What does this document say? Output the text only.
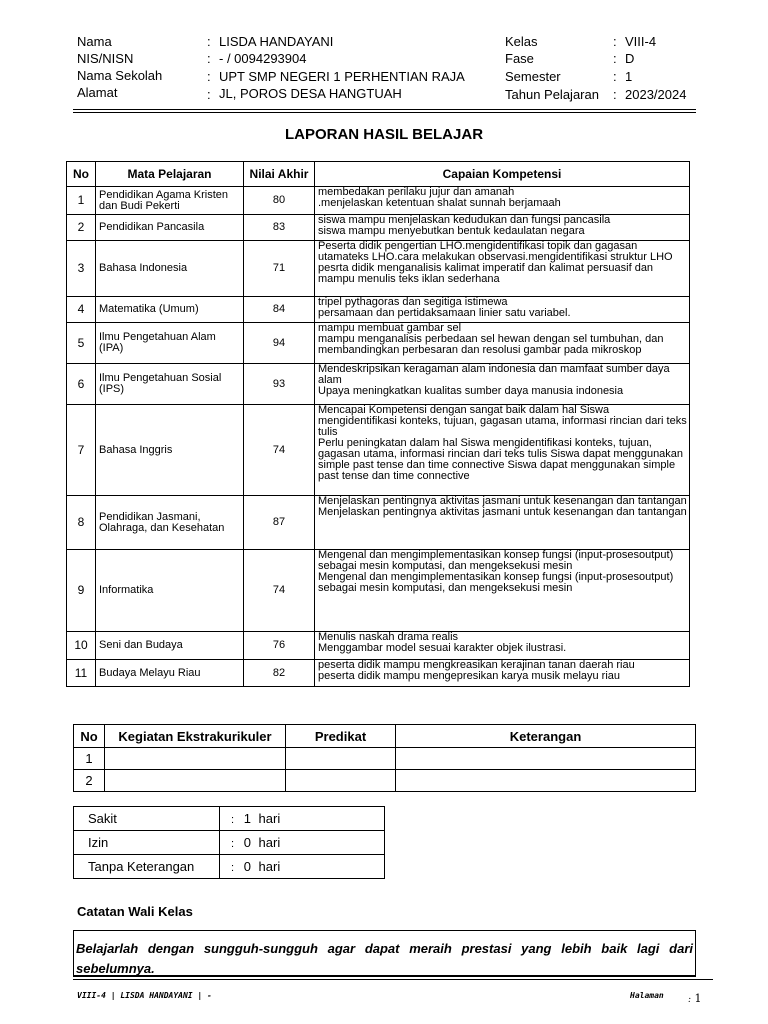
Nama	: LISDA HANDAYANI
NIS/NISN	: - / 0094293904
Nama Sekolah	: UPT SMP NEGERI 1 PERHENTIAN RAJA
Alamat	: JL, POROS DESA HANGTUAH
Kelas	: VIII-4
Fase	: D
Semester	: 1
Tahun Pelajaran : 2023/2024
LAPORAN HASIL BELAJAR
No	Mata Pelajaran	Nilai Akhir	Capaian Kompetensi
1	Pendidikan Agama Kristen dan Budi Pekerti	80	membedakan perilaku jujur dan amanah
.menjelaskan ketentuan shalat sunnah berjamaah

2	Pendidikan Pancasila	83	siswa mampu menjelaskan kedudukan dan fungsi pancasila
siswa mampu menyebutkan bentuk kedaulatan negara

3	Bahasa Indonesia	71	Peserta didik pengertian LHO.mengidentifikasi topik dan gagasan utamateks LHO.cara melakukan observasi.mengidentifikasi struktur LHO
pesrta didik menganalisis kalimat imperatif dan kalimat persuasif dan mampu menulis teks iklan sederhana

4	Matematika (Umum)	84	tripel pythagoras dan segitiga istimewa
persamaan dan pertidaksamaan linier satu variabel.

5	Ilmu Pengetahuan Alam (IPA)	94	mampu membuat gambar sel
mampu menganalisis perbedaan sel hewan dengan sel tumbuhan, dan membandingkan perbesaran dan resolusi gambar pada mikroskop

6	Ilmu Pengetahuan Sosial (IPS)	93	Mendeskripsikan keragaman alam indonesia dan mamfaat sumber daya alam
Upaya meningkatkan kualitas sumber daya manusia indonesia

7	Bahasa Inggris	74	Mencapai Kompetensi dengan sangat baik dalam hal Siswa mengidentifikasi konteks, tujuan, gagasan utama, informasi rincian dari teks tulis
Perlu peningkatan dalam hal Siswa mengidentifikasi konteks, tujuan, gagasan utama, informasi rincian dari teks tulis Siswa dapat menggunakan simple past tense dan time connective Siswa dapat menggunakan simple past tense dan time connective

8	Pendidikan Jasmani, Olahraga, dan Kesehatan	87	Menjelaskan pentingnya aktivitas jasmani untuk kesenangan dan tantangan
Menjelaskan pentingnya aktivitas jasmani untuk kesenangan dan tantangan

9	Informatika	74	Mengenal dan mengimplementasikan konsep fungsi (input-prosesoutput) sebagai mesin komputasi, dan mengeksekusi mesin
Mengenal dan mengimplementasikan konsep fungsi (input-prosesoutput) sebagai mesin komputasi, dan mengeksekusi mesin

10	Seni dan Budaya	76	Menulis naskah drama realis
Menggambar model sesuai karakter objek ilustrasi.

11	Budaya Melayu Riau	82	peserta didik mampu mengkreasikan kerajinan tanan daerah riau
peserta didik mampu mengepresikan karya musik melayu riau
No	Kegiatan Ekstrakurikuler	Predikat	Keterangan
1			
2			
Sakit	: 1 hari
Izin	: 0 hari
Tanpa Keterangan	: 0 hari
Catatan Wali Kelas

Belajarlah dengan sungguh-sungguh agar dapat meraih prestasi yang lebih baik lagi dari sebelumnya.

VIII-4 | LISDA HANDAYANI | -	Halaman	: 1
